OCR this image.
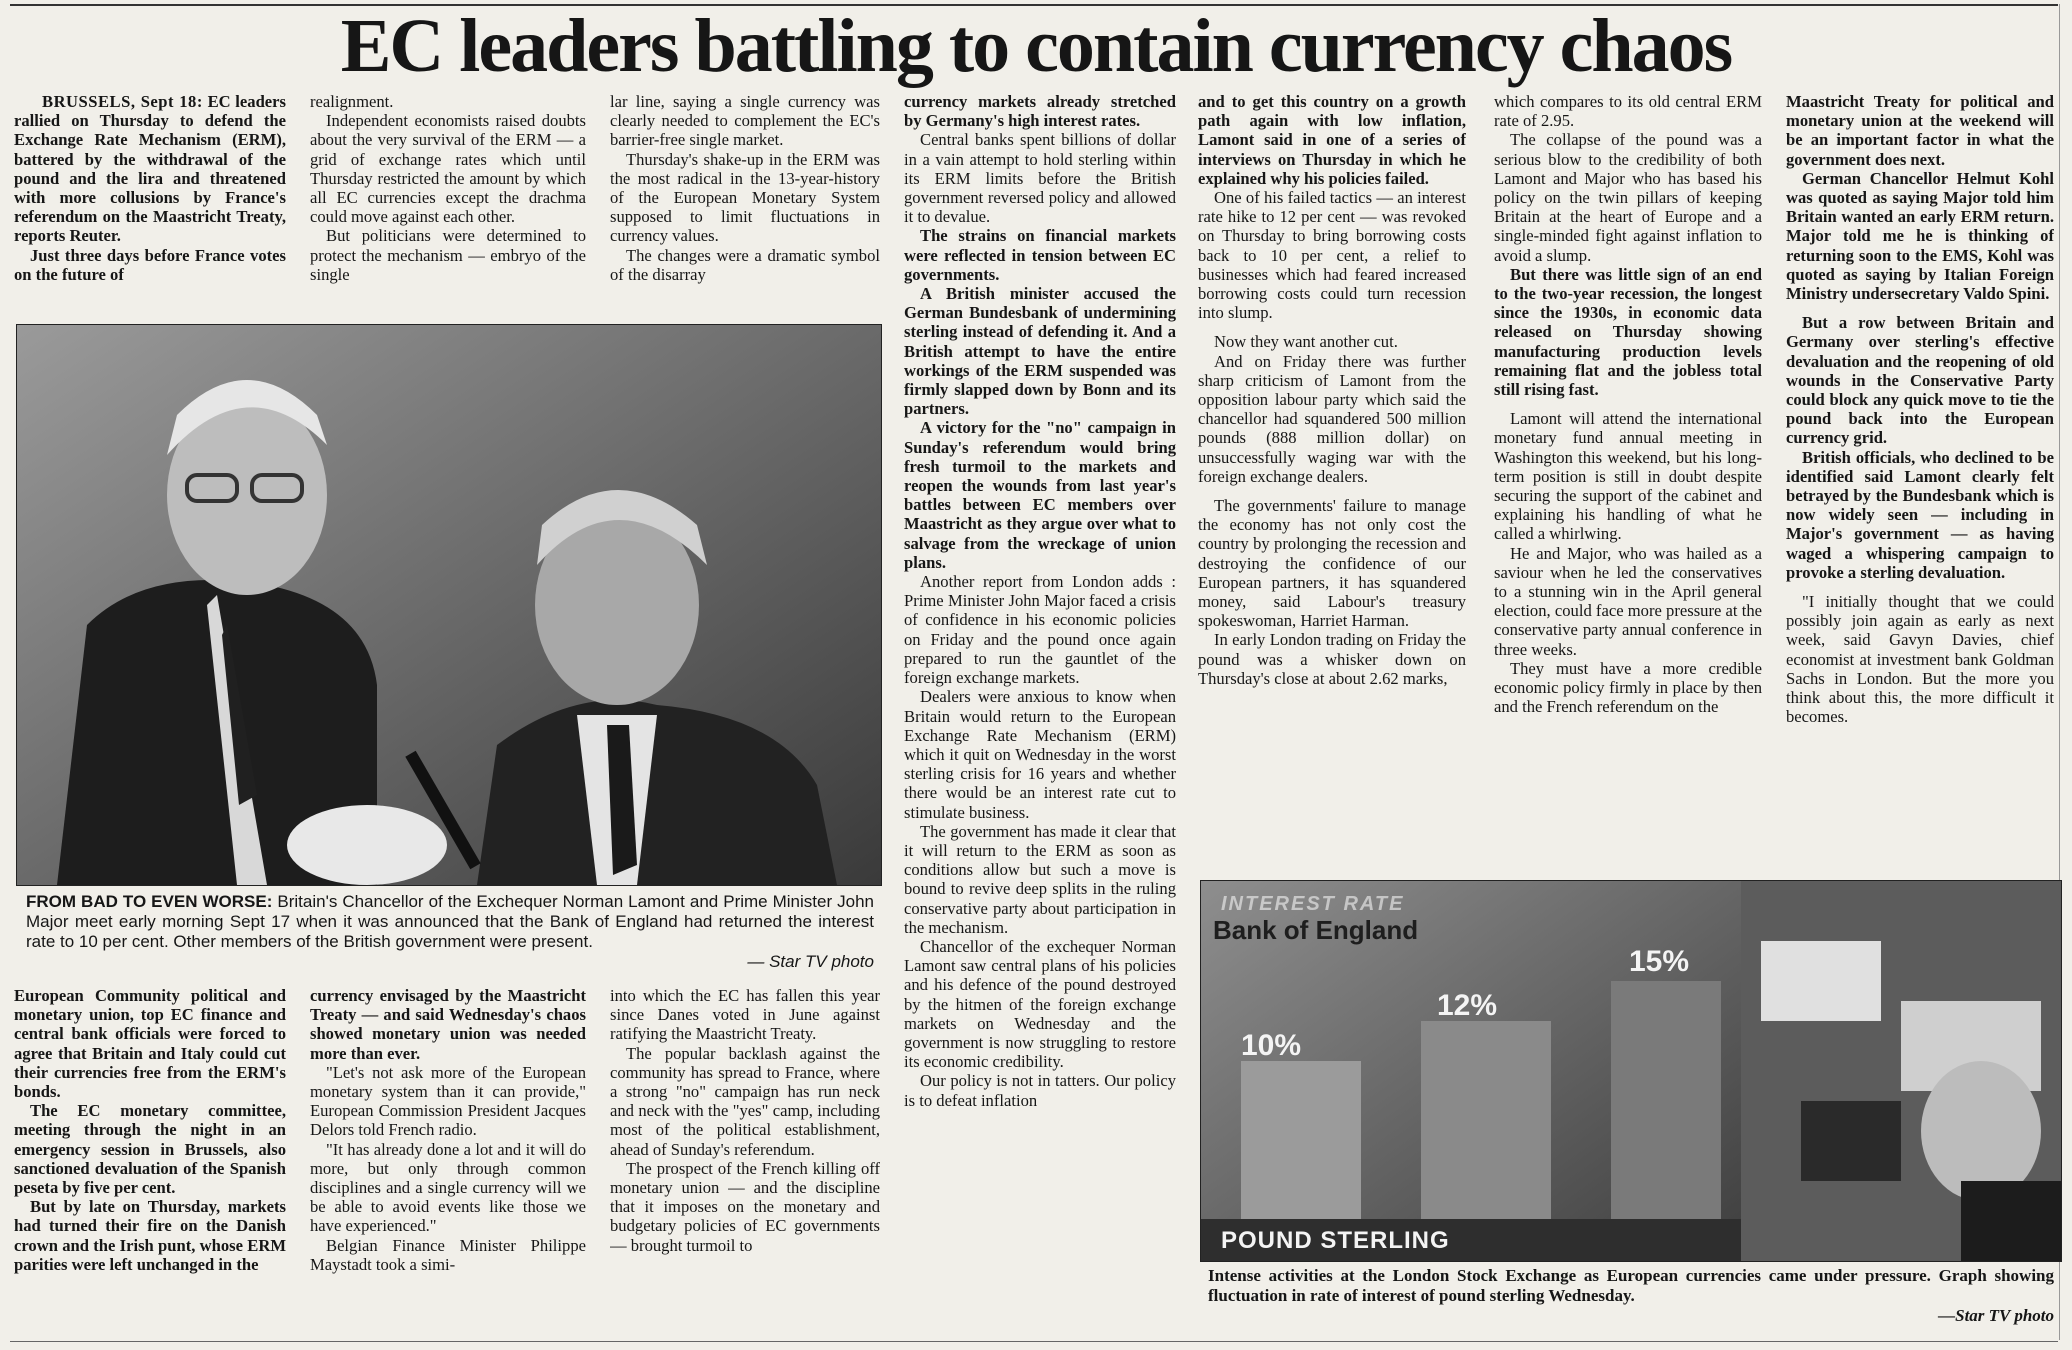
EC leaders battling to contain currency chaos
BRUSSELS, Sept 18: EC leaders rallied on Thursday to defend the Exchange Rate Mechanism (ERM), battered by the withdrawal of the pound and the lira and threatened with more collusions by France's referendum on the Maastricht Treaty, reports Reuter.
Just three days before France votes on the future of
realignment.
Independent economists raised doubts about the very survival of the ERM — a grid of exchange rates which until Thursday restricted the amount by which all EC currencies except the drachma could move against each other.
But politicians were determined to protect the mechanism — embryo of the single
lar line, saying a single currency was clearly needed to complement the EC's barrier-free single market.
Thursday's shake-up in the ERM was the most radical in the 13-year-history of the European Monetary System supposed to limit fluctuations in currency values.
The changes were a dramatic symbol of the disarray
FROM BAD TO EVEN WORSE: Britain's Chancellor of the Exchequer Norman Lamont and Prime Minister John Major meet early morning Sept 17 when it was announced that the Bank of England had returned the interest rate to 10 per cent. Other members of the British government were present.
— Star TV photo
European Community political and monetary union, top EC finance and central bank officials were forced to agree that Britain and Italy could cut their currencies free from the ERM's bonds.
The EC monetary committee, meeting through the night in an emergency session in Brussels, also sanctioned devaluation of the Spanish peseta by five per cent.
But by late on Thursday, markets had turned their fire on the Danish crown and the Irish punt, whose ERM parities were left unchanged in the
currency envisaged by the Maastricht Treaty — and said Wednesday's chaos showed monetary union was needed more than ever.
"Let's not ask more of the European monetary system than it can provide," European Commission President Jacques Delors told French radio.
"It has already done a lot and it will do more, but only through common disciplines and a single currency will we be able to avoid events like those we have experienced."
Belgian Finance Minister Philippe Maystadt took a simi-
into which the EC has fallen this year since Danes voted in June against ratifying the Maastricht Treaty.
The popular backlash against the community has spread to France, where a strong "no" campaign has run neck and neck with the "yes" camp, including most of the political establishment, ahead of Sunday's referendum.
The prospect of the French killing off monetary union — and the discipline that it imposes on the monetary and budgetary policies of EC governments — brought turmoil to
currency markets already stretched by Germany's high interest rates.
Central banks spent billions of dollar in a vain attempt to hold sterling within its ERM limits before the British government reversed policy and allowed it to devalue.
The strains on financial markets were reflected in tension between EC governments.
A British minister accused the German Bundesbank of undermining sterling instead of defending it. And a British attempt to have the entire workings of the ERM suspended was firmly slapped down by Bonn and its partners.
A victory for the "no" campaign in Sunday's referendum would bring fresh turmoil to the markets and reopen the wounds from last year's battles between EC members over Maastricht as they argue over what to salvage from the wreckage of union plans.
Another report from London adds : Prime Minister John Major faced a crisis of confidence in his economic policies on Friday and the pound once again prepared to run the gauntlet of the foreign exchange markets.
Dealers were anxious to know when Britain would return to the European Exchange Rate Mechanism (ERM) which it quit on Wednesday in the worst sterling crisis for 16 years and whether there would be an interest rate cut to stimulate business.
The government has made it clear that it will return to the ERM as soon as conditions allow but such a move is bound to revive deep splits in the ruling conservative party about participation in the mechanism.
Chancellor of the exchequer Norman Lamont saw central plans of his policies and his defence of the pound destroyed by the hitmen of the foreign exchange markets on Wednesday and the government is now struggling to restore its economic credibility.
Our policy is not in tatters. Our policy is to defeat inflation
and to get this country on a growth path again with low inflation, Lamont said in one of a series of interviews on Thursday in which he explained why his policies failed.
One of his failed tactics — an interest rate hike to 12 per cent — was revoked on Thursday to bring borrowing costs back to 10 per cent, a relief to businesses which had feared increased borrowing costs could turn recession into slump.
Now they want another cut.
And on Friday there was further sharp criticism of Lamont from the opposition labour party which said the chancellor had squandered 500 million pounds (888 million dollar) on unsuccessfully waging war with the foreign exchange dealers.
The governments' failure to manage the economy has not only cost the country by prolonging the recession and destroying the confidence of our European partners, it has squandered money, said Labour's treasury spokeswoman, Harriet Harman.
In early London trading on Friday the pound was a whisker down on Thursday's close at about 2.62 marks,
which compares to its old central ERM rate of 2.95.
The collapse of the pound was a serious blow to the credibility of both Lamont and Major who has based his policy on the twin pillars of keeping Britain at the heart of Europe and a single-minded fight against inflation to avoid a slump.
But there was little sign of an end to the two-year recession, the longest since the 1930s, in economic data released on Thursday showing manufacturing production levels remaining flat and the jobless total still rising fast.
Lamont will attend the international monetary fund annual meeting in Washington this weekend, but his long-term position is still in doubt despite securing the support of the cabinet and explaining his handling of what he called a whirlwing.
He and Major, who was hailed as a saviour when he led the conservatives to a stunning win in the April general election, could face more pressure at the conservative party annual conference in three weeks.
They must have a more credible economic policy firmly in place by then and the French referendum on the
Maastricht Treaty for political and monetary union at the weekend will be an important factor in what the government does next.
German Chancellor Helmut Kohl was quoted as saying Major told him Britain wanted an early ERM return. Major told me he is thinking of returning soon to the EMS, Kohl was quoted as saying by Italian Foreign Ministry undersecretary Valdo Spini.
But a row between Britain and Germany over sterling's effective devaluation and the reopening of old wounds in the Conservative Party could block any quick move to tie the pound back into the European currency grid.
British officials, who declined to be identified said Lamont clearly felt betrayed by the Bundesbank which is now widely seen — including in Major's government — as having waged a whispering campaign to provoke a sterling devaluation.
"I initially thought that we could possibly join again as early as next week, said Gavyn Davies, chief economist at investment bank Goldman Sachs in London. But the more you think about this, the more difficult it becomes.
INTEREST RATE
Bank of England
10%
12%
15%
POUND STERLING
Intense activities at the London Stock Exchange as European currencies came under pressure. Graph showing fluctuation in rate of interest of pound sterling Wednesday.
—Star TV photo
